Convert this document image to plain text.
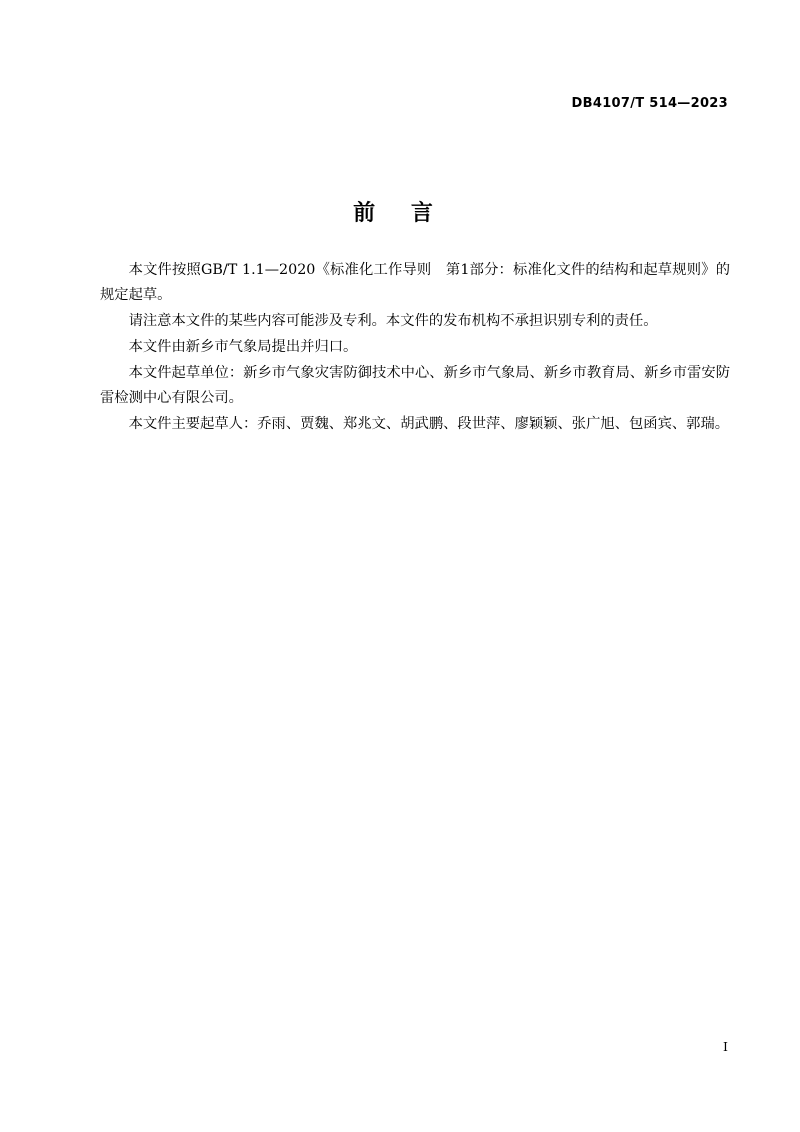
DB4107/T 514—2023
前 言

本文件按照GB/T 1.1—2020《标准化工作导则　第1部分：标准化文件的结构和起草规则》的规定起草。

请注意本文件的某些内容可能涉及专利。本文件的发布机构不承担识别专利的责任。

本文件由新乡市气象局提出并归口。

本文件起草单位：新乡市气象灾害防御技术中心、新乡市气象局、新乡市教育局、新乡市雷安防雷检测中心有限公司。

本文件主要起草人：乔雨、贾魏、郑兆文、胡武鹏、段世萍、廖颖颖、张广旭、包函宾、郭瑞。

I
